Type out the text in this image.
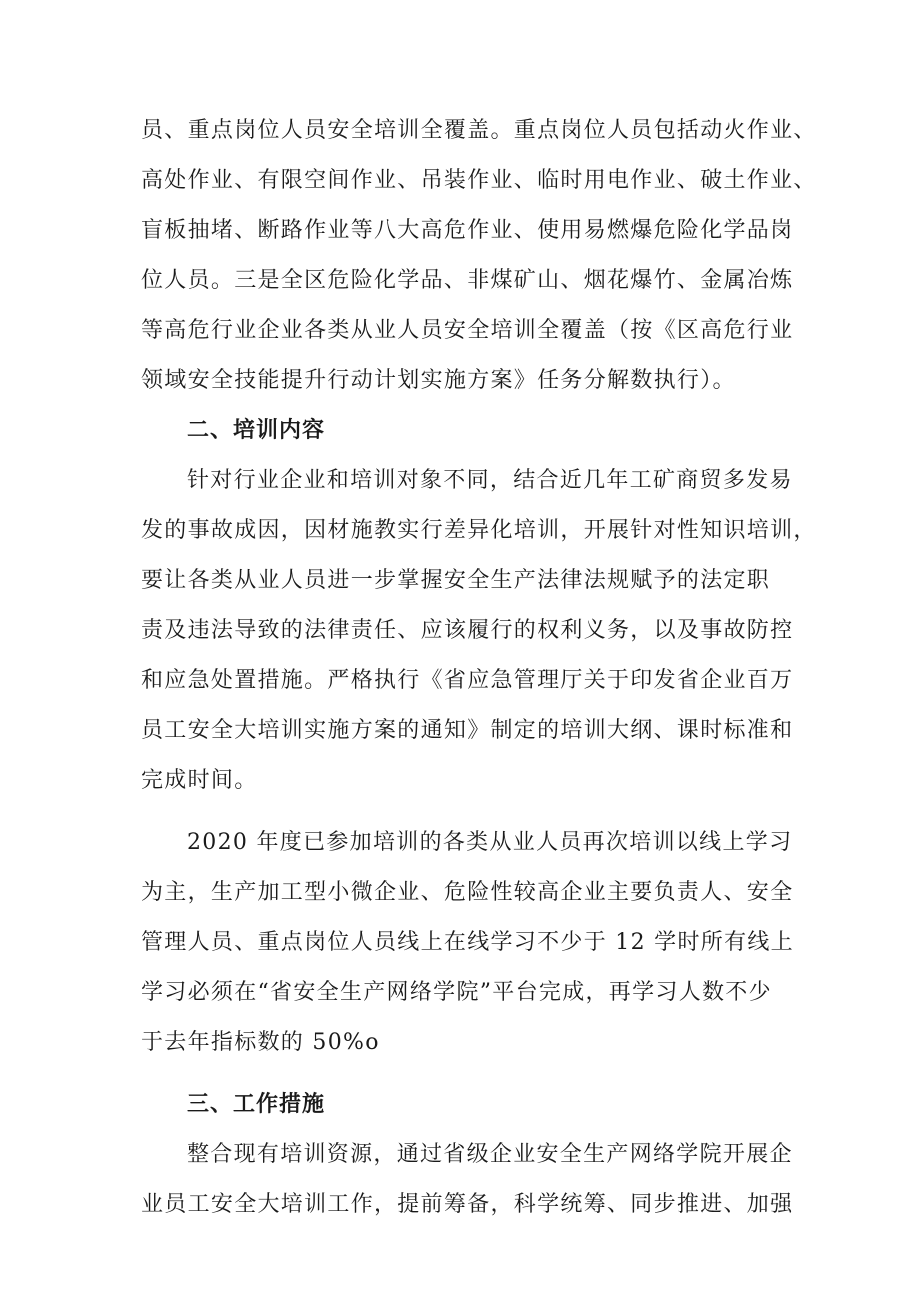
员、重点岗位人员安全培训全覆盖。重点岗位人员包括动火作业、
高处作业、有限空间作业、吊装作业、临时用电作业、破土作业、
盲板抽堵、断路作业等八大高危作业、使用易燃爆危险化学品岗
位人员。三是全区危险化学品、非煤矿山、烟花爆竹、金属冶炼
等高危行业企业各类从业人员安全培训全覆盖（按《区高危行业
领域安全技能提升行动计划实施方案》任务分解数执行）。
二、培训内容
针对行业企业和培训对象不同，结合近几年工矿商贸多发易
发的事故成因，因材施教实行差异化培训，开展针对性知识培训，
要让各类从业人员进一步掌握安全生产法律法规赋予的法定职
责及违法导致的法律责任、应该履行的权利义务，以及事故防控
和应急处置措施。严格执行《省应急管理厅关于印发省企业百万
员工安全大培训实施方案的通知》制定的培训大纲、课时标准和
完成时间。
2020 年度已参加培训的各类从业人员再次培训以线上学习
为主，生产加工型小微企业、危险性较高企业主要负责人、安全
管理人员、重点岗位人员线上在线学习不少于 12 学时所有线上
学习必须在“省安全生产网络学院”平台完成，再学习人数不少
于去年指标数的 50%o
三、工作措施
整合现有培训资源，通过省级企业安全生产网络学院开展企
业员工安全大培训工作，提前筹备，科学统筹、同步推进、加强
